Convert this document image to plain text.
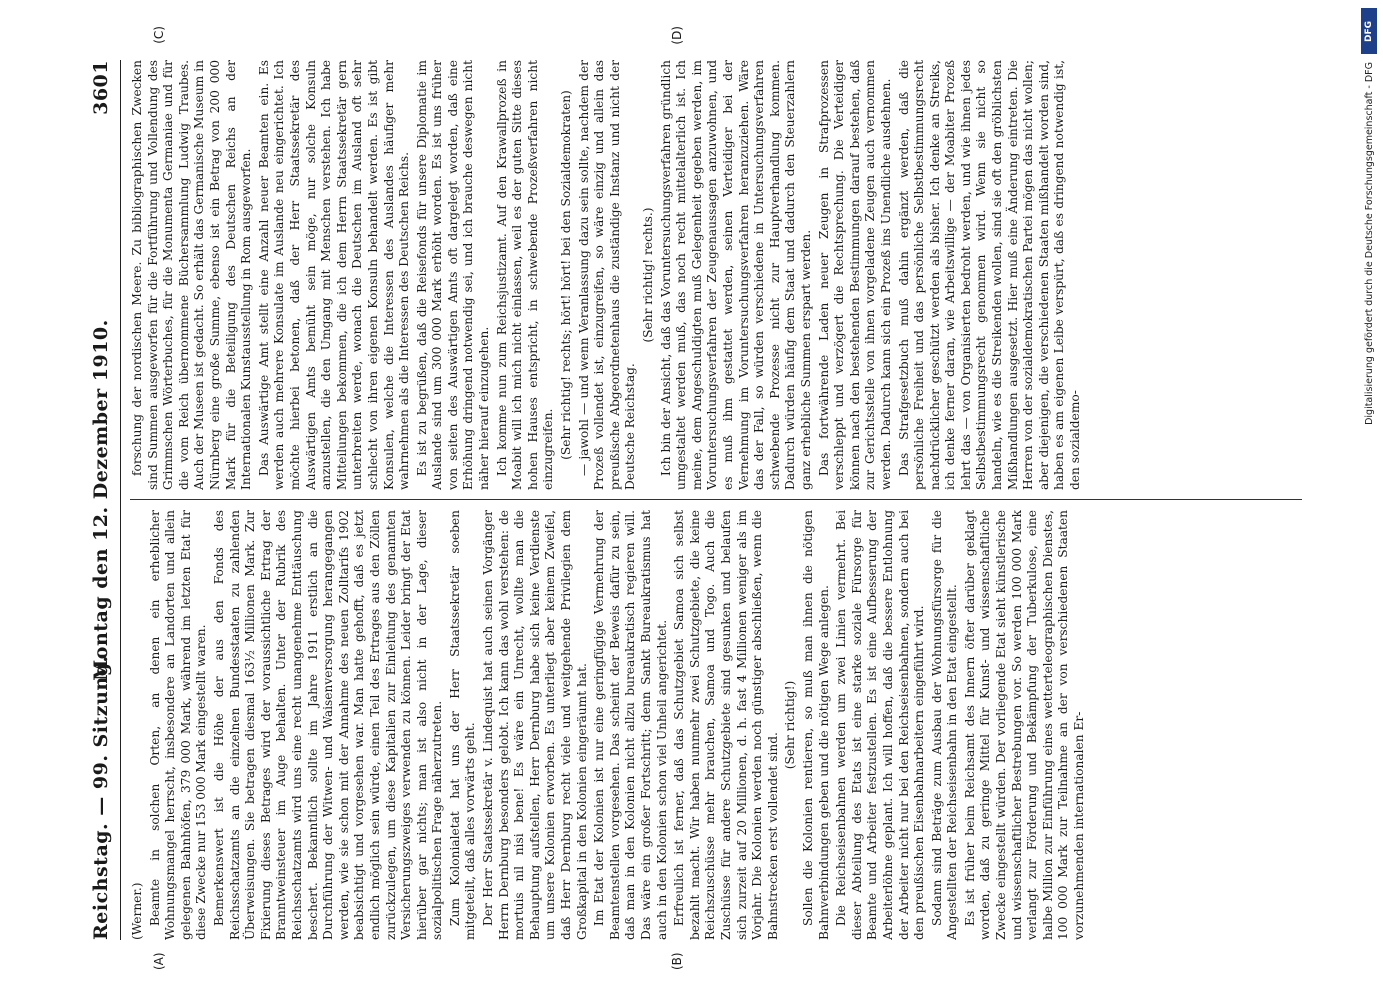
Reichstag. — 99. Sitzung.
Montag den 12. Dezember 1910.
3601

(Werner.) Beamte in solchen Orten, an denen ein erheblicher Wohnungsmangel herrscht, insbesondere an Landorten und allein gelegenen Bahnhöfen, 379 000 Mark, während im letzten Etat für diese Zwecke nur 153 000 Mark eingestellt waren. Bemerkenswert ist die Höhe der aus den Fonds des Reichsschatzamts an die einzelnen Bundesstaaten zu zahlenden Überweisungen. Sie betragen diesmal 163½ Millionen Mark. Zur Fixierung dieses Betrages wird der voraussichtliche Ertrag der Branntweinsteuer im Auge behalten. Unter der Rubrik des Reichsschatzamts wird uns eine recht unangenehme Enttäuschung beschert. Bekanntlich sollte im Jahre 1911 erstlich an die Durchführung der Witwen- und Waisenversorgung herangegangen werden, wie sie schon mit der Annahme des neuen Zolltarifs 1902 beabsichtigt und vorgesehen war. Man hatte gehofft, daß es jetzt endlich möglich sein würde, einen Teil des Ertrages aus den Zöllen zurückzulegen, um diese Kapitalien zur Einleitung des genannten Versicherungszweiges verwenden zu können. Leider bringt der Etat hierüber gar nichts; man ist also nicht in der Lage, dieser sozialpolitischen Frage näherzutreten. Zum Kolonialetat hat uns der Herr Staatssekretär soeben mitgeteilt, daß alles vorwärts geht. Der Herr Staatssekretär v. Lindequist hat auch seinen Vorgänger Herrn Dernburg besonders gelobt. Ich kann das wohl verstehen: de mortuis nil nisi bene! Es wäre ein Unrecht, wollte man die Behauptung aufstellen, Herr Dernburg habe sich keine Verdienste um unsere Kolonien erworben. Es unterliegt aber keinem Zweifel, daß Herr Dernburg recht viele und weitgehende Privilegien dem Großkapital in den Kolonien eingeräumt hat. Im Etat der Kolonien ist nur eine geringfügige Vermehrung der Beamtenstellen vorgesehen. Das scheint der Beweis dafür zu sein, daß man in den Kolonien nicht allzu bureaukratisch regieren will. Das wäre ein großer Fortschritt; denn Sankt Bureaukratismus hat auch in den Kolonien schon viel Unheil angerichtet. Erfreulich ist ferner, daß das Schutzgebiet Samoa sich selbst bezahlt macht. Wir haben nunmehr zwei Schutzgebiete, die keine Reichszuschüsse mehr brauchen, Samoa und Togo. Auch die Zuschüsse für andere Schutzgebiete sind gesunken und belaufen sich zurzeit auf 20 Millionen, d. h. fast 4 Millionen weniger als im Vorjahr. Die Kolonien werden noch günstiger abschließen, wenn die Bahnstrecken erst vollendet sind.

(Sehr richtig!) Sollen die Kolonien rentieren, so muß man ihnen die nötigen Bahnverbindungen geben und die nötigen Wege anlegen. Die Reichseisenbahnen werden um zwei Linien vermehrt. Bei dieser Abteilung des Etats ist eine starke soziale Fürsorge für Beamte und Arbeiter festzustellen. Es ist eine Aufbesserung der Arbeiterlöhne geplant. Ich will hoffen, daß die bessere Entlohnung der Arbeiter nicht nur bei den Reichseisenbahnen, sondern auch bei den preußischen Eisenbahnarbeitern eingeführt wird. Sodann sind Beträge zum Ausbau der Wohnungsfürsorge für die Angestellten der Reichseisenbahn in den Etat eingestellt. Es ist früher beim Reichsamt des Innern öfter darüber geklagt worden, daß zu geringe Mittel für Kunst- und wissenschaftliche Zwecke eingestellt würden. Der vorliegende Etat sieht künstlerische und wissenschaftlicher Bestrebungen vor. So werden 100 000 Mark verlangt zur Förderung und Bekämpfung der Tuberkulose, eine halbe Million zur Einführung eines wetterteleographischen Dienstes, 100 000 Mark zur Teilnahme an der von verschiedenen Staaten vorzunehmenden internationalen Er-

(A)	(B)

forschung der nordischen Meere. Zu bibliographischen Zwecken sind Summen ausgeworfen für die Fortführung und Vollendung des Grimmschen Wörterbuches, für die Monumenta Germaniae und für die vom Reich übernommene Büchersammlung Ludwig Traubes. Auch der Museen ist gedacht. So erhält das Germanische Museum in Nürnberg eine große Summe, ebenso ist ein Betrag von 200 000 Mark für die Beteiligung des Deutschen Reichs an der Internationalen Kunstausstellung in Rom ausgeworfen. Das Auswärtige Amt stellt eine Anzahl neuer Beamten ein. Es werden auch mehrere Konsulate im Auslande neu eingerichtet. Ich möchte hierbei betonen, daß der Herr Staatssekretär des Auswärtigen Amts bemüht sein möge, nur solche Konsuln anzustellen, die den Umgang mit Menschen verstehen. Ich habe Mitteilungen bekommen, die ich dem Herrn Staatssekretär gern unterbreiten werde, wonach die Deutschen im Ausland oft sehr schlecht von ihren eigenen Konsuln behandelt werden. Es ist gibt Konsulen, welche die Interessen des Auslandes häufiger mehr wahrnehmen als die Interessen des Deutschen Reichs. Es ist zu begrüßen, daß die Reisefonds für unsere Diplomatie im Auslande sind um 300 000 Mark erhöht worden. Es ist uns früher von seiten des Auswärtigen Amts oft dargelegt worden, daß eine Erhöhung dringend notwendig sei, und ich brauche deswegen nicht näher hierauf einzugehen. Ich komme nun zum Reichsjustizamt. Auf den Krawallprozeß in Moabit will ich mich nicht einlassen, weil es der guten Sitte dieses hohen Hauses entspricht, in schwebende Prozeßverfahren nicht einzugreifen. (Sehr richtig! rechts; hört! hört! bei den Sozialdemokraten) — jawohl — und wenn Veranlassung dazu sein sollte, nachdem der Prozeß vollendet ist, einzugreifen, so wäre einzig und allein das preußische Abgeordnetenhaus die zuständige Instanz und nicht der Deutsche Reichstag.

(Sehr richtig! rechts.) Ich bin der Ansicht, daß das Voruntersuchungsverfahren gründlich umgestaltet werden muß, das noch recht mittelalterlich ist. Ich meine, dem Angeschuldigten muß Gelegenheit gegeben werden, im Voruntersuchungsverfahren der Zeugenaussagen anzuwohnen, und es muß ihm gestattet werden, seinen Verteidiger bei der Vernehmung im Voruntersuchungsverfahren heranzuziehen. Wäre das der Fall, so würden verschiedene in Untersuchungsverfahren schwebende Prozesse nicht zur Hauptverhandlung kommen. Dadurch würden häufig dem Staat und dadurch den Steuerzahlern ganz erhebliche Summen erspart werden. Das fortwährende Laden neuer Zeugen in Strafprozessen verschleppt und verzögert die Rechtsprechung. Die Verteidiger können nach den bestehenden Bestimmungen darauf bestehen, daß zur Gerichtsstelle von ihnen vorgeladene Zeugen auch vernommen werden. Dadurch kann sich ein Prozeß ins Unendliche ausdehnen. Das Strafgesetzbuch muß dahin ergänzt werden, daß die persönliche Freiheit und das persönliche Selbstbestimmungsrecht nachdrücklicher geschützt werden als bisher. Ich denke an Streiks, ich denke ferner daran, wie Arbeitswillige — der Moabiter Prozeß lehrt das — von Organisierten bedroht werden, und wie ihnen jedes Selbstbestimmungsrecht genommen wird. Wenn sie nicht so handeln, wie es die Streikenden wollen, sind sie oft den gröblichsten Mißhandlungen ausgesetzt. Hier muß eine Änderung eintreten. Die Herren von der sozialdemokratischen Partei mögen das nicht wollen; aber diejenigen, die verschiedenen Staaten mißhandelt worden sind, haben es am eigenen Leibe verspürt, daß es dringend notwendig ist, den sozialdemo-

(C)	(D)	DFG
Digitalisierung gefördert durch die Deutsche Forschungsgemeinschaft - DFG
